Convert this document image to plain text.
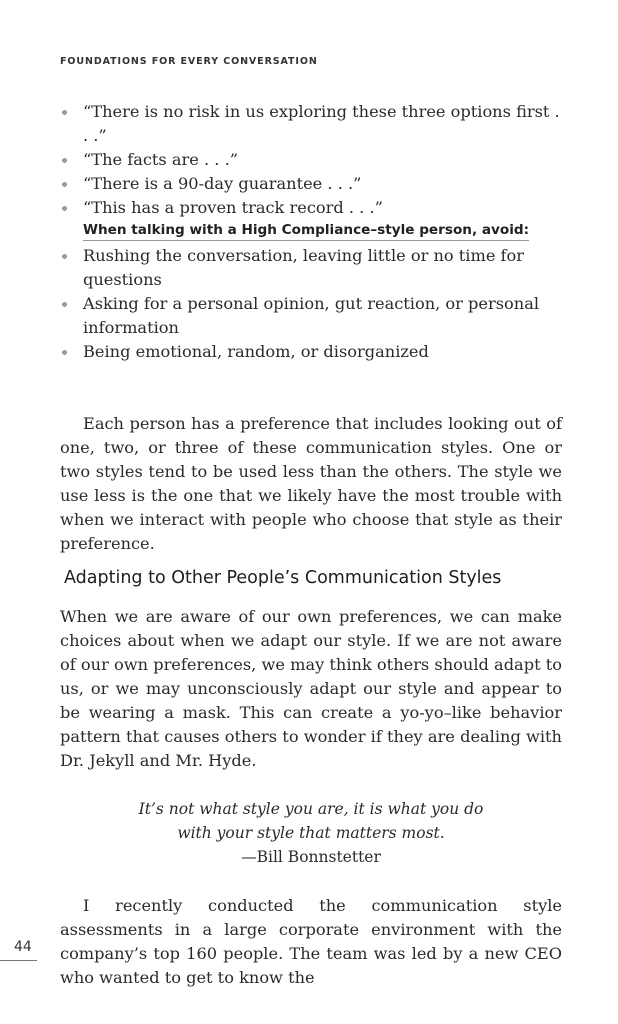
FOUNDATIONS FOR EVERY CONVERSATION
“There is no risk in us exploring these three options first . . .”
“The facts are . . .”
“There is a 90-day guarantee . . .”
“This has a proven track record . . .”
When talking with a High Compliance–style person, avoid:
Rushing the conversation, leaving little or no time for questions
Asking for a personal opinion, gut reaction, or personal information
Being emotional, random, or disorganized

Each person has a preference that includes looking out of one, two, or three of these communication styles. One or two styles tend to be used less than the others. The style we use less is the one that we likely have the most trouble with when we interact with people who choose that style as their preference.

Adapting to Other People’s Communication Styles

When we are aware of our own preferences, we can make choices about when we adapt our style. If we are not aware of our own preferences, we may think others should adapt to us, or we may unconsciously adapt our style and appear to be wearing a mask. This can create a yo-yo–like behavior pattern that causes others to wonder if they are dealing with Dr. Jekyll and Mr. Hyde.

It’s not what style you are, it is what you do
with your style that matters most.
—Bill Bonnstetter

I recently conducted the communication style assessments in a large corporate environment with the company’s top 160 people. The team was led by a new CEO who wanted to get to know the

44
